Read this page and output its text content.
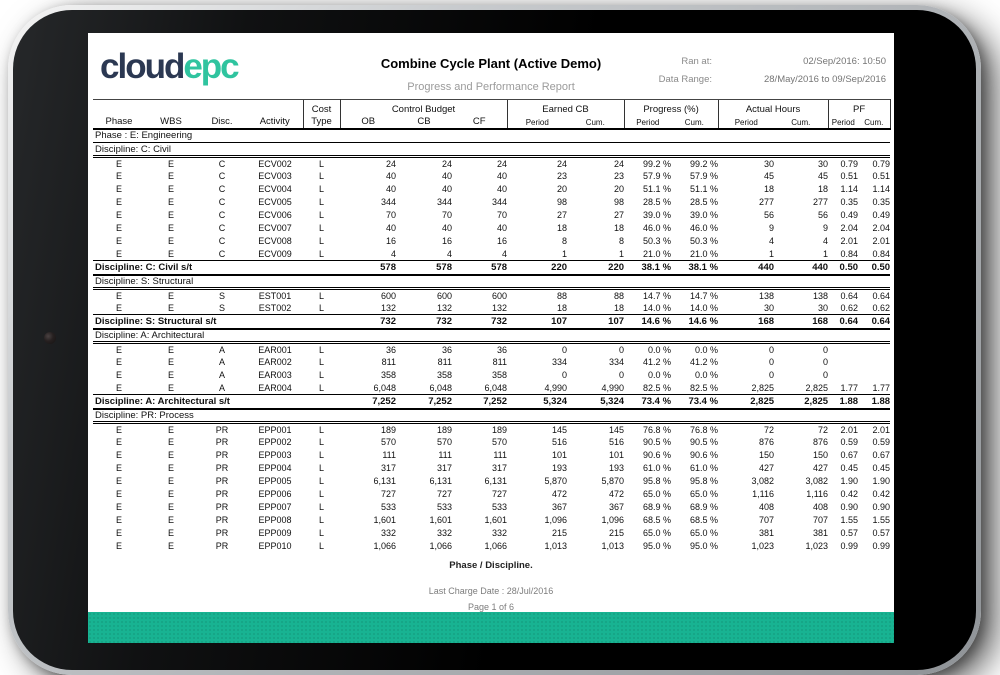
cloudepc	Combine Cycle Plant (Active Demo)
Progress and Performance Report
Ran at:	02/Sep/2016: 10:50
Data Range:	28/May/2016 to 09/Sep/2016
				Cost	Control Budget			Earned CB		Progress (%)		Actual Hours		PF	
Phase	WBS	Disc.	Activity	Type	OB	CB	CF	Period	Cum.	Period	Cum.	Period	Cum.	Period	Cum.
Phase : E: Engineering															
Discipline: C: Civil															
E	E	C	ECV002	L	24	24	24	24	24	99.2 %	99.2 %	30	30	0.79	0.79
E	E	C	ECV003	L	40	40	40	23	23	57.9 %	57.9 %	45	45	0.51	0.51
E	E	C	ECV004	L	40	40	40	20	20	51.1 %	51.1 %	18	18	1.14	1.14
E	E	C	ECV005	L	344	344	344	98	98	28.5 %	28.5 %	277	277	0.35	0.35
E	E	C	ECV006	L	70	70	70	27	27	39.0 %	39.0 %	56	56	0.49	0.49
E	E	C	ECV007	L	40	40	40	18	18	46.0 %	46.0 %	9	9	2.04	2.04
E	E	C	ECV008	L	16	16	16	8	8	50.3 %	50.3 %	4	4	2.01	2.01
E	E	C	ECV009	L	4	4	4	1	1	21.0 %	21.0 %	1	1	0.84	0.84
Discipline: C: Civil s/t					578	578	578	220	220	38.1 %	38.1 %	440	440	0.50	0.50
Discipline: S: Structural															
E	E	S	EST001	L	600	600	600	88	88	14.7 %	14.7 %	138	138	0.64	0.64
E	E	S	EST002	L	132	132	132	18	18	14.0 %	14.0 %	30	30	0.62	0.62
Discipline: S: Structural s/t					732	732	732	107	107	14.6 %	14.6 %	168	168	0.64	0.64
Discipline: A: Architectural															
E	E	A	EAR001	L	36	36	36	0	0	0.0 %	0.0 %	0	0		
E	E	A	EAR002	L	811	811	811	334	334	41.2 %	41.2 %	0	0		
E	E	A	EAR003	L	358	358	358	0	0	0.0 %	0.0 %	0	0		
E	E	A	EAR004	L	6,048	6,048	6,048	4,990	4,990	82.5 %	82.5 %	2,825	2,825	1.77	1.77
Discipline: A: Architectural s/t					7,252	7,252	7,252	5,324	5,324	73.4 %	73.4 %	2,825	2,825	1.88	1.88
Discipline: PR: Process															
E	E	PR	EPP001	L	189	189	189	145	145	76.8 %	76.8 %	72	72	2.01	2.01
E	E	PR	EPP002	L	570	570	570	516	516	90.5 %	90.5 %	876	876	0.59	0.59
E	E	PR	EPP003	L	111	111	111	101	101	90.6 %	90.6 %	150	150	0.67	0.67
E	E	PR	EPP004	L	317	317	317	193	193	61.0 %	61.0 %	427	427	0.45	0.45
E	E	PR	EPP005	L	6,131	6,131	6,131	5,870	5,870	95.8 %	95.8 %	3,082	3,082	1.90	1.90
E	E	PR	EPP006	L	727	727	727	472	472	65.0 %	65.0 %	1,116	1,116	0.42	0.42
E	E	PR	EPP007	L	533	533	533	367	367	68.9 %	68.9 %	408	408	0.90	0.90
E	E	PR	EPP008	L	1,601	1,601	1,601	1,096	1,096	68.5 %	68.5 %	707	707	1.55	1.55
E	E	PR	EPP009	L	332	332	332	215	215	65.0 %	65.0 %	381	381	0.57	0.57
E	E	PR	EPP010	L	1,066	1,066	1,066	1,013	1,013	95.0 %	95.0 %	1,023	1,023	0.99	0.99
Phase / Discipline.
Last Charge Date : 28/Jul/2016
Page 1 of 6
